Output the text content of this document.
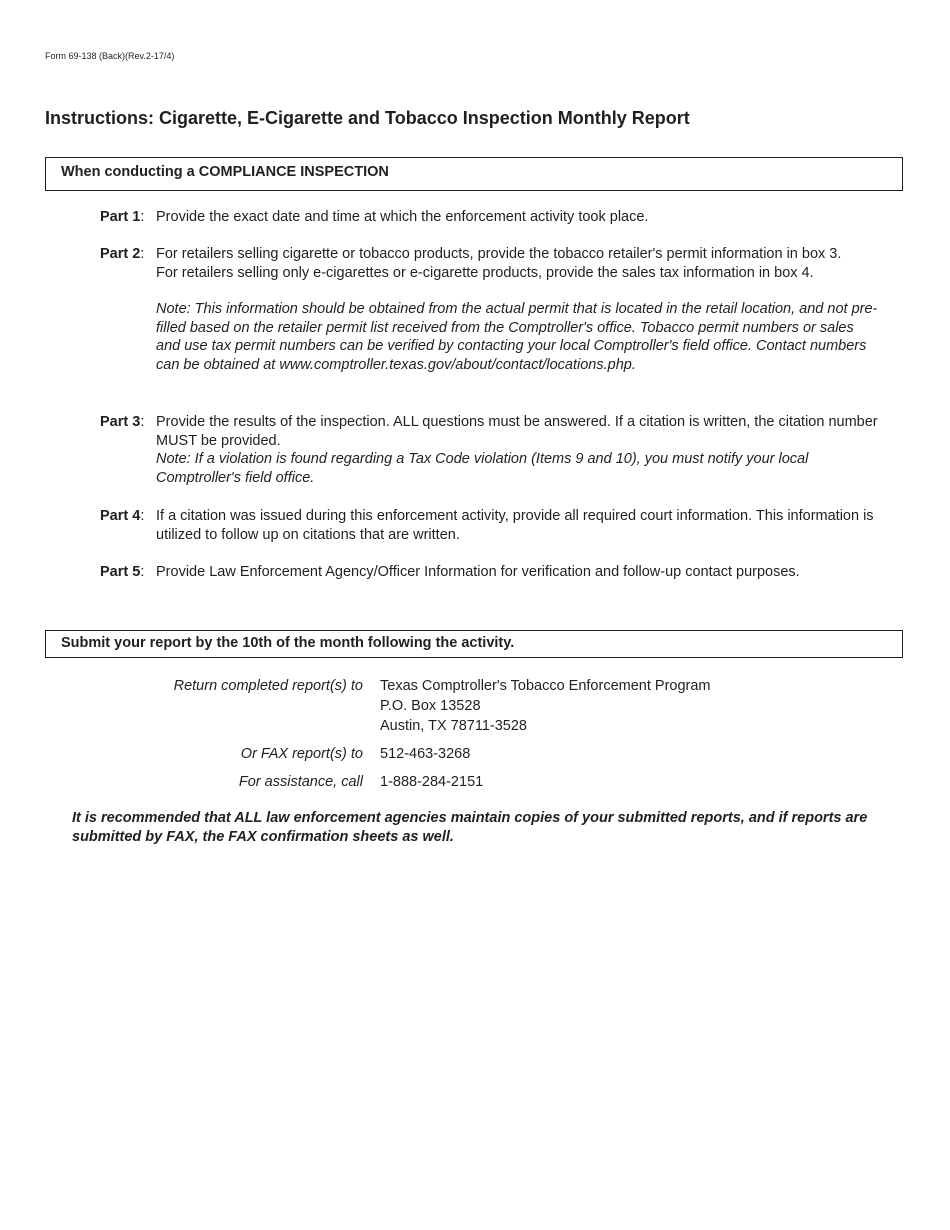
Form 69-138 (Back)(Rev.2-17/4)
Instructions: Cigarette, E-Cigarette and Tobacco Inspection Monthly Report
When conducting a COMPLIANCE INSPECTION
Part 1: Provide the exact date and time at which the enforcement activity took place.

Part 2: For retailers selling cigarette or tobacco products, provide the tobacco retailer's permit information in box 3.

For retailers selling only e-cigarettes or e-cigarette products, provide the sales tax information in box 4.

Note: This information should be obtained from the actual permit that is located in the retail location, and not pre-filled based on the retailer permit list received from the Comptroller's office. Tobacco permit numbers or sales and use tax permit numbers can be verified by contacting your local Comptroller's field office. Contact numbers can be obtained at www.comptroller.texas.gov/about/contact/locations.php.

Part 3: Provide the results of the inspection. ALL questions must be answered. If a citation is written, the citation number MUST be provided.

Note: If a violation is found regarding a Tax Code violation (Items 9 and 10), you must notify your local Comptroller's field office.

Part 4: If a citation was issued during this enforcement activity, provide all required court information. This information is utilized to follow up on citations that are written.

Part 5: Provide Law Enforcement Agency/Officer Information for verification and follow-up contact purposes.

Submit your report by the 10th of the month following the activity.
Return completed report(s) to Texas Comptroller's Tobacco Enforcement Program
P.O. Box 13528
Austin, TX 78711-3528
Or FAX report(s) to 512-463-3268
For assistance, call 1-888-284-2151

It is recommended that ALL law enforcement agencies maintain copies of your submitted reports, and if reports are submitted by FAX, the FAX confirmation sheets as well.
